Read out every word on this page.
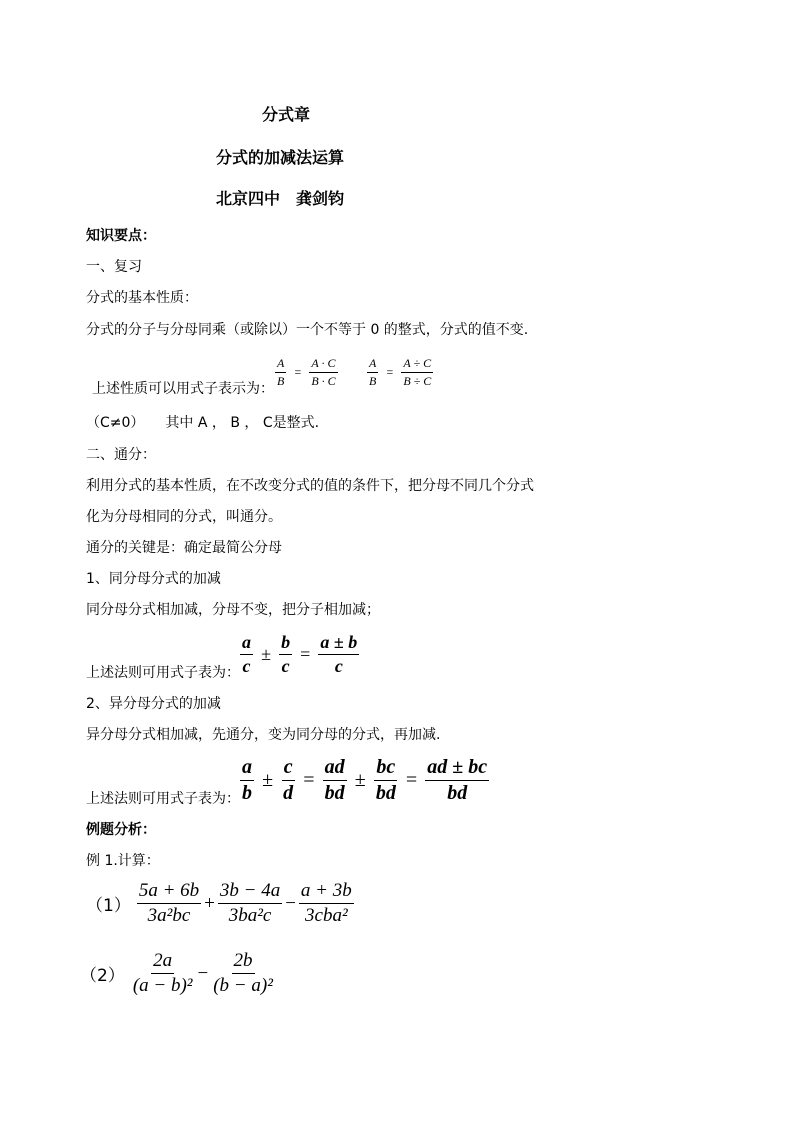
分式章
分式的加减法运算
北京四中　龚剑钧
知识要点：
一、复习
分式的基本性质：
分式的分子与分母同乘（或除以）一个不等于 0 的整式，分式的值不变.
上述性质可以用式子表示为： $\frac{A}{B} = \frac{A \cdot C}{B \cdot C} \frac{A}{B} = \frac{A \div C}{B \div C}$
（C≠0）　　其中 A ， B ， C是整式.
二、通分：
利用分式的基本性质，在不改变分式的值的条件下，把分母不同几个分式
化为分母相同的分式，叫通分。
通分的关键是：确定最简公分母
1、同分母分式的加减
同分母分式相加减，分母不变，把分子相加减；
上述法则可用式子表为： $\frac{a}{c} \pm \frac{b}{c} = \frac{a \pm b}{c}$
2、异分母分式的加减
异分母分式相加减，先通分，变为同分母的分式，再加减.
上述法则可用式子表为： $\frac{a}{b} \pm \frac{c}{d} = \frac{ad}{bd} \pm \frac{bc}{bd} = \frac{ad \pm bc}{bd}$
例题分析：
例 1.计算：
$(1) \frac{5a + 6b}{\text{3a²bc}} + \frac{3b - 4a}{\text{3ba²c}} - \frac{a + 3b}{\text{3cba²}}$
$(2) \frac{2a}{\text{(a − b)²}} - \frac{2b}{\text{(b − a)²}}$
